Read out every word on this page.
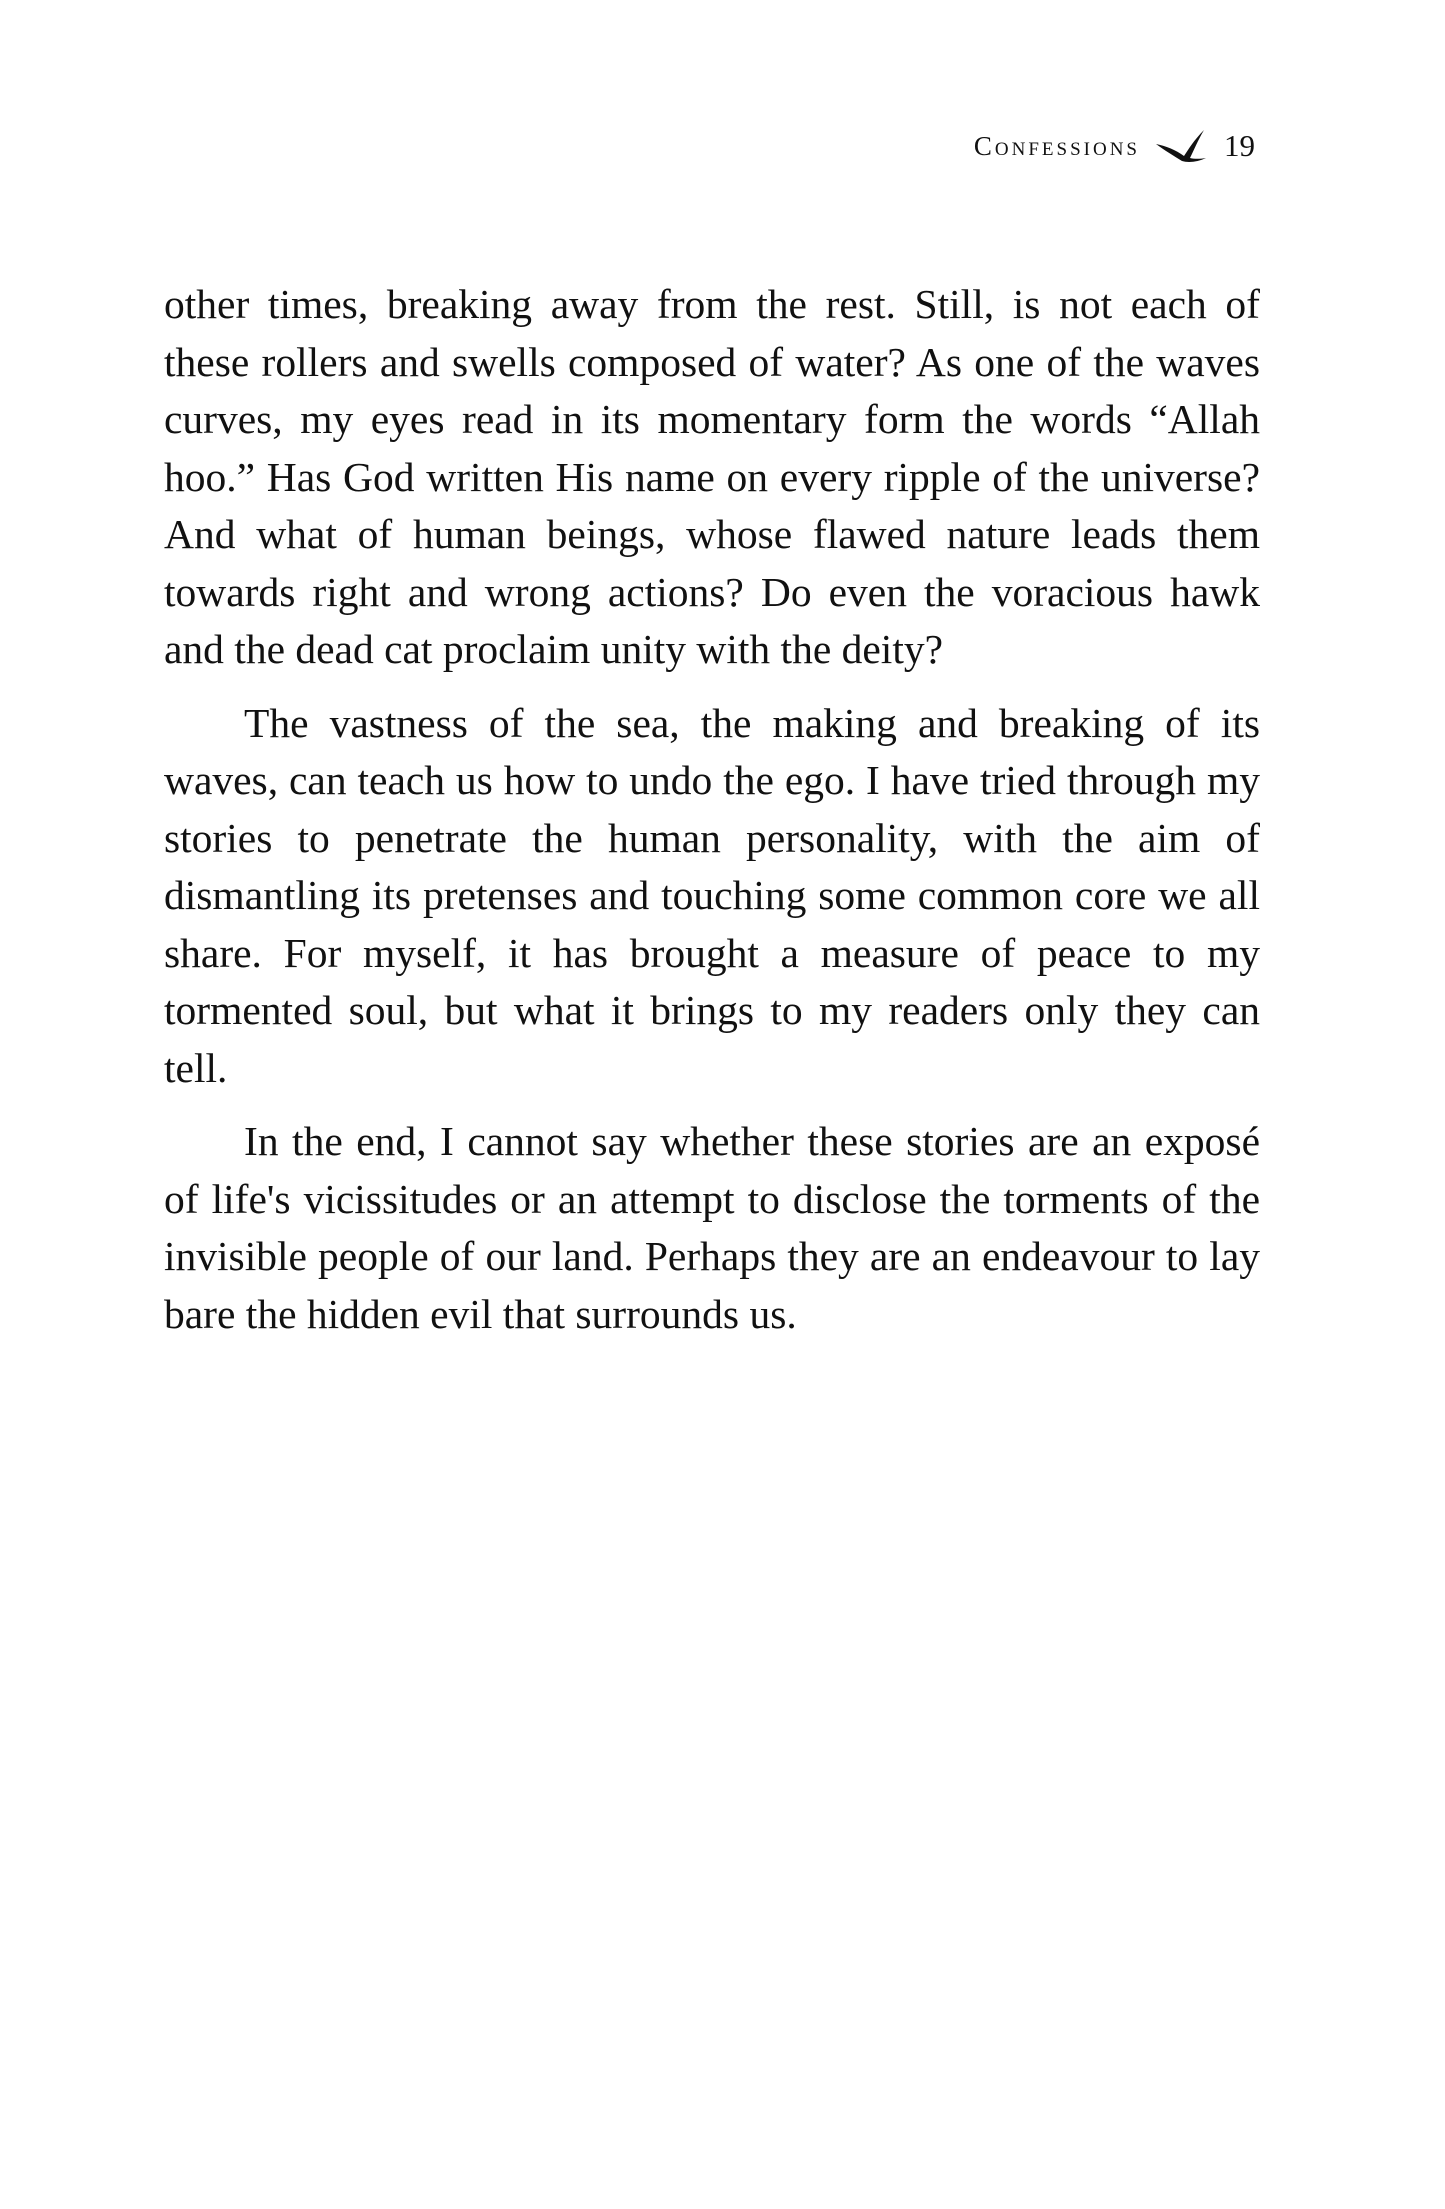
Confessions	19

other times, breaking away from the rest. Still, is not each of these rollers and swells composed of water? As one of the waves curves, my eyes read in its momentary form the words “Allah hoo.” Has God written His name on every ripple of the universe? And what of human beings, whose flawed nature leads them towards right and wrong actions? Do even the voracious hawk and the dead cat proclaim unity with the deity?

The vastness of the sea, the making and breaking of its waves, can teach us how to undo the ego. I have tried through my stories to penetrate the human personality, with the aim of dismantling its pretenses and touching some common core we all share. For myself, it has brought a measure of peace to my tormented soul, but what it brings to my readers only they can tell.

In the end, I cannot say whether these stories are an exposé of life's vicissitudes or an attempt to disclose the torments of the invisible people of our land. Perhaps they are an endeavour to lay bare the hidden evil that surrounds us.
